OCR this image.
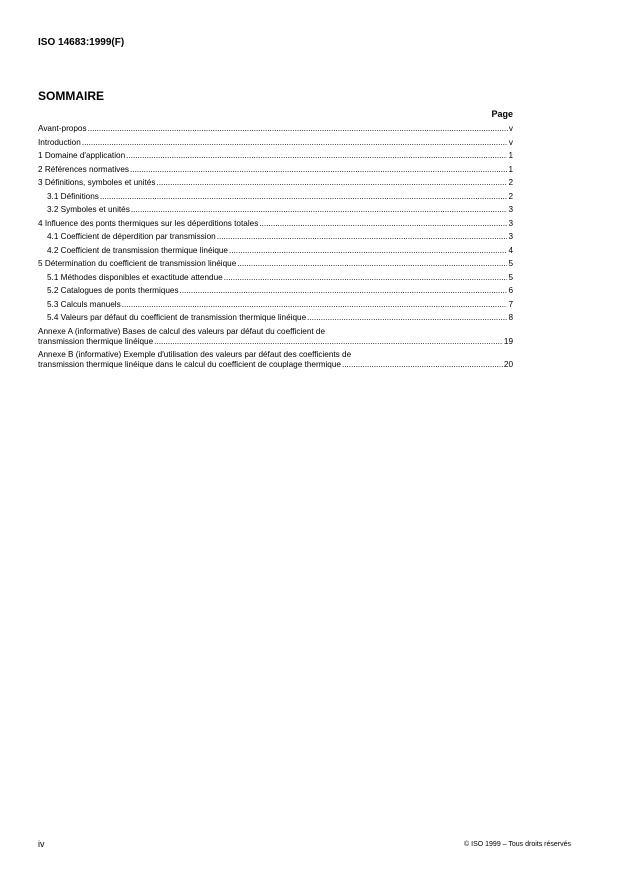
ISO 14683:1999(F)
SOMMAIRE
Page
Avant-propos .....	v
Introduction .....	v
1 Domaine d'application .....	1
2 Références normatives .....	1
3 Définitions, symboles et unités .....	2
3.1 Définitions .....	2
3.2 Symboles et unités .....	3
4 Influence des ponts thermiques sur les déperditions totales .....	3
4.1 Coefficient de déperdition par transmission .....	3
4.2 Coefficient de transmission thermique linéique .....	4
5 Détermination du coefficient de transmission linéique .....	5
5.1 Méthodes disponibles et exactitude attendue .....	5
5.2 Catalogues de ponts thermiques .....	6
5.3 Calculs manuels .....	7
5.4 Valeurs par défaut du coefficient de transmission thermique linéique .....	8
Annexe A (informative) Bases de calcul des valeurs par défaut du coefficient de
transmission thermique linéique .....	19
Annexe B (informative) Exemple d'utilisation des valeurs par défaut des coefficients de
transmission thermique linéique dans le calcul du coefficient de couplage thermique .....	20
iv	© ISO 1999 – Tous droits réservés
